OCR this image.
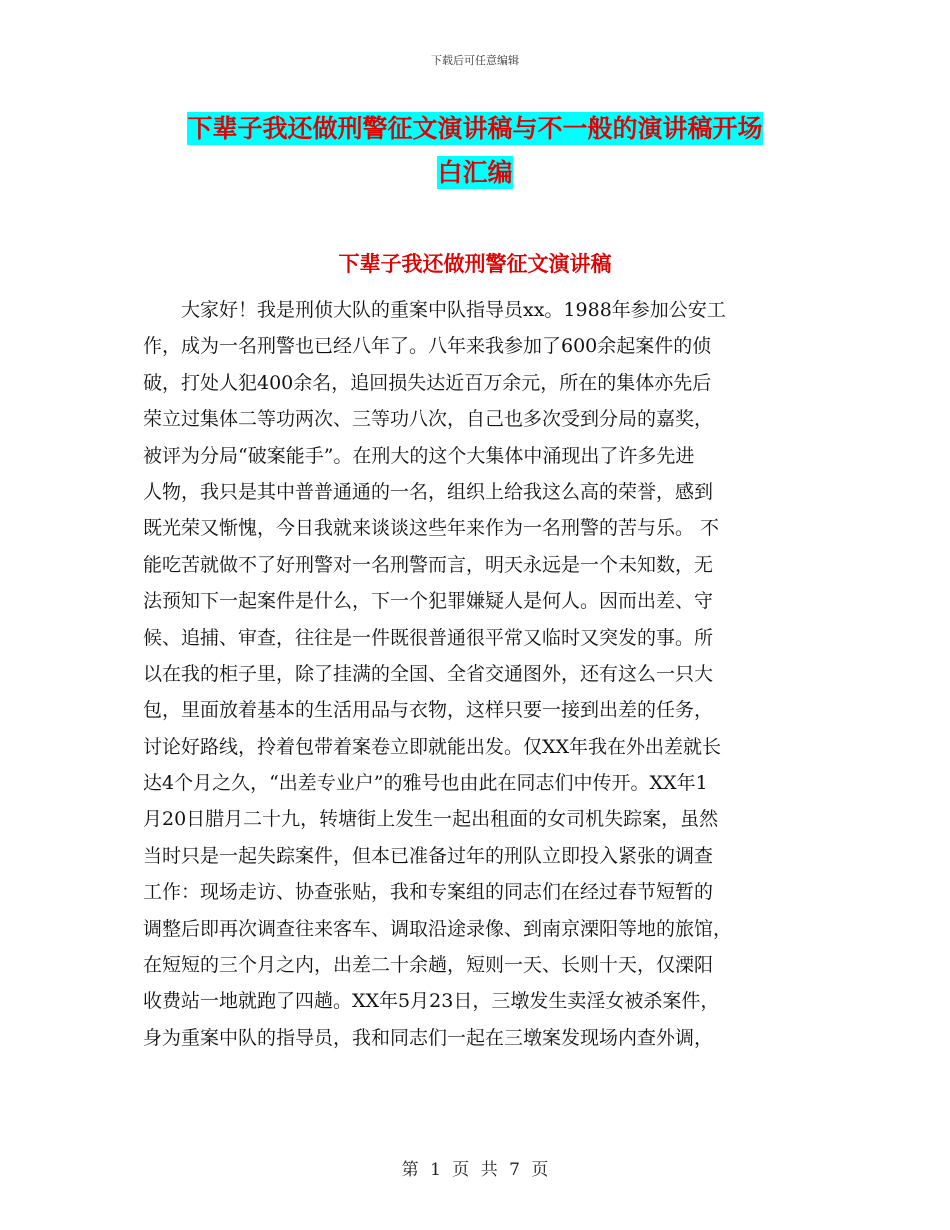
下载后可任意编辑
下辈子我还做刑警征文演讲稿与不一般的演讲稿开场
白汇编
下辈子我还做刑警征文演讲稿
　　大家好！我是刑侦大队的重案中队指导员xx。1988年参加公安工
作，成为一名刑警也已经八年了。八年来我参加了600余起案件的侦
破，打处人犯400余名，追回损失达近百万余元，所在的集体亦先后
荣立过集体二等功两次、三等功八次，自己也多次受到分局的嘉奖，
被评为分局“破案能手”。在刑大的这个大集体中涌现出了许多先进
人物，我只是其中普普通通的一名，组织上给我这么高的荣誉，感到
既光荣又惭愧，今日我就来谈谈这些年来作为一名刑警的苦与乐。 不
能吃苦就做不了好刑警对一名刑警而言，明天永远是一个未知数，无
法预知下一起案件是什么，下一个犯罪嫌疑人是何人。因而出差、守
候、追捕、审查，往往是一件既很普通很平常又临时又突发的事。所
以在我的柜子里，除了挂满的全国、全省交通图外，还有这么一只大
包，里面放着基本的生活用品与衣物，这样只要一接到出差的任务，
讨论好路线，拎着包带着案卷立即就能出发。仅XX年我在外出差就长
达4个月之久，“出差专业户”的雅号也由此在同志们中传开。XX年1
月20日腊月二十九，转塘街上发生一起出租面的女司机失踪案，虽然
当时只是一起失踪案件，但本已准备过年的刑队立即投入紧张的调查
工作：现场走访、协查张贴，我和专案组的同志们在经过春节短暂的
调整后即再次调查往来客车、调取沿途录像、到南京溧阳等地的旅馆，
在短短的三个月之内，出差二十余趟，短则一天、长则十天，仅溧阳
收费站一地就跑了四趟。XX年5月23日，三墩发生卖淫女被杀案件，
身为重案中队的指导员，我和同志们一起在三墩案发现场内查外调，
第 1 页 共 7 页
